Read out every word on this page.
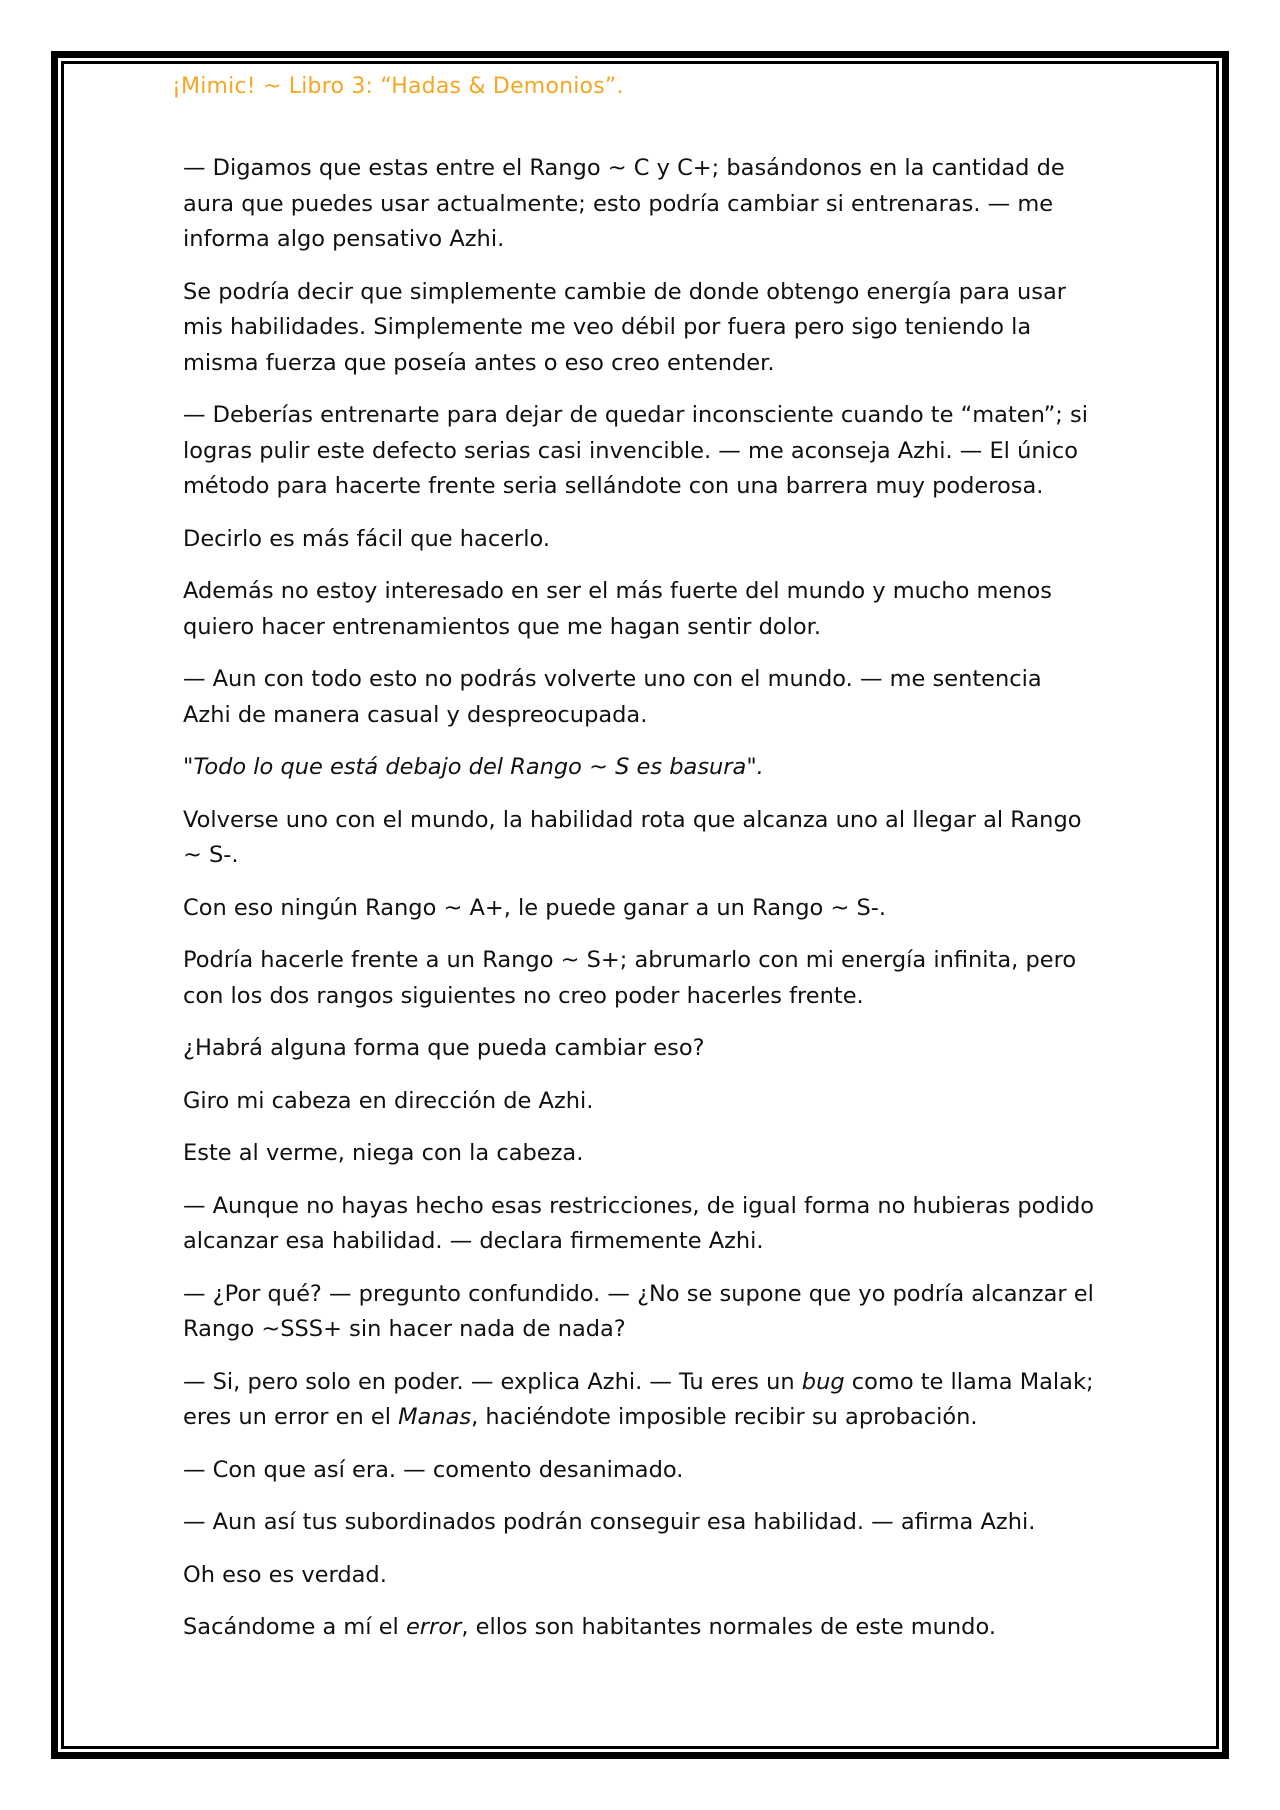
¡Mimic! ~ Libro 3: “Hadas & Demonios”.

— Digamos que estas entre el Rango ~ C y C+; basándonos en la cantidad de aura que puedes usar actualmente; esto podría cambiar si entrenaras. — me informa algo pensativo Azhi.

Se podría decir que simplemente cambie de donde obtengo energía para usar mis habilidades. Simplemente me veo débil por fuera pero sigo teniendo la misma fuerza que poseía antes o eso creo entender.

— Deberías entrenarte para dejar de quedar inconsciente cuando te “maten”; si logras pulir este defecto serias casi invencible. — me aconseja Azhi. — El único método para hacerte frente seria sellándote con una barrera muy poderosa.

Decirlo es más fácil que hacerlo.

Además no estoy interesado en ser el más fuerte del mundo y mucho menos quiero hacer entrenamientos que me hagan sentir dolor.

— Aun con todo esto no podrás volverte uno con el mundo. — me sentencia Azhi de manera casual y despreocupada.

"Todo lo que está debajo del Rango ~ S es basura".

Volverse uno con el mundo, la habilidad rota que alcanza uno al llegar al Rango ~ S-.

Con eso ningún Rango ~ A+, le puede ganar a un Rango ~ S-.

Podría hacerle frente a un Rango ~ S+; abrumarlo con mi energía infinita, pero con los dos rangos siguientes no creo poder hacerles frente.

¿Habrá alguna forma que pueda cambiar eso?

Giro mi cabeza en dirección de Azhi.

Este al verme, niega con la cabeza.

— Aunque no hayas hecho esas restricciones, de igual forma no hubieras podido alcanzar esa habilidad. — declara firmemente Azhi.

— ¿Por qué? — pregunto confundido. — ¿No se supone que yo podría alcanzar el Rango ~SSS+ sin hacer nada de nada?

— Si, pero solo en poder. — explica Azhi. — Tu eres un bug como te llama Malak; eres un error en el Manas, haciéndote imposible recibir su aprobación.

— Con que así era. — comento desanimado.

— Aun así tus subordinados podrán conseguir esa habilidad. — afirma Azhi.

Oh eso es verdad.

Sacándome a mí el error, ellos son habitantes normales de este mundo.
